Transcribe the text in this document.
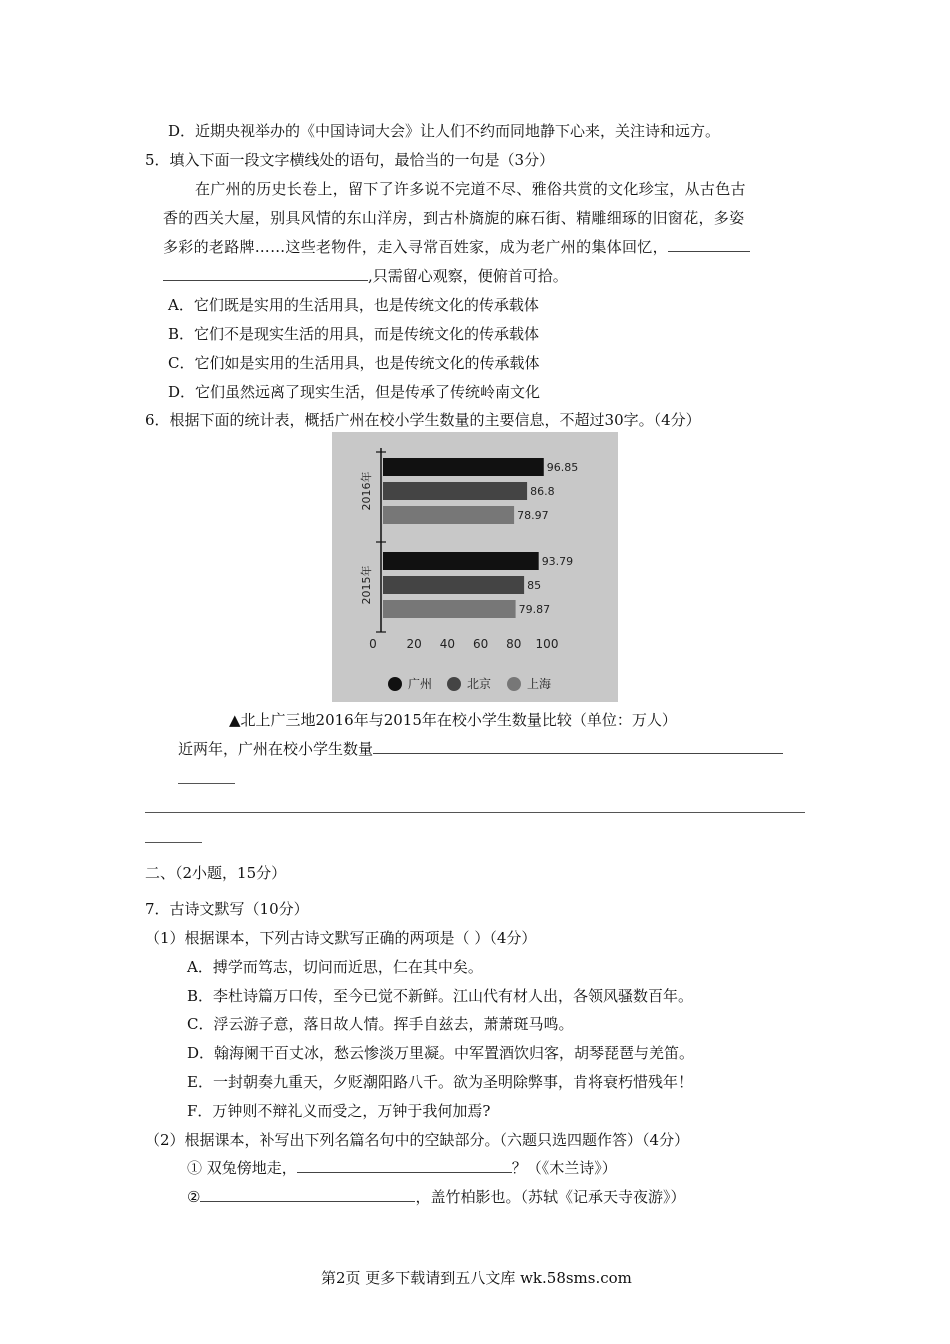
D．近期央视举办的《中国诗词大会》让人们不约而同地静下心来，关注诗和远方。
5．填入下面一段文字横线处的语句，最恰当的一句是（3分）
在广州的历史长卷上，留下了许多说不完道不尽、雅俗共赏的文化珍宝，从古色古
香的西关大屋，别具风情的东山洋房，到古朴旖旎的麻石街、精雕细琢的旧窗花，多姿
多彩的老路牌……这些老物件，走入寻常百姓家，成为老广州的集体回忆，
,只需留心观察，便俯首可拾。
A．它们既是实用的生活用具，也是传统文化的传承载体
B．它们不是现实生活的用具，而是传统文化的传承载体
C．它们如是实用的生活用具，也是传统文化的传承载体
D．它们虽然远离了现实生活，但是传承了传统岭南文化
6．根据下面的统计表，概括广州在校小学生数量的主要信息，不超过30字。（4分）
96.85
86.8
78.97
2016年
93.79
85
79.87
2015年
0 20 40 60 80 100
广州	北京	上海
▲北上广三地2016年与2015年在校小学生数量比较（单位：万人）
近两年，广州在校小学生数量
二、（2小题，15分）
7．古诗文默写（10分）
（1）根据课本，下列古诗文默写正确的两项是（ ）（4分）
A．搏学而笃志，切问而近思，仁在其中矣。
B．李杜诗篇万口传，至今已觉不新鲜。江山代有材人出，各领风骚数百年。
C．浮云游子意，落日故人情。挥手自兹去，萧萧斑马鸣。
D．翰海阑干百丈冰，愁云惨淡万里凝。中军置酒饮归客，胡琴琵琶与羌笛。
E．一封朝奏九重天，夕贬潮阳路八千。欲为圣明除弊事，肯将衰朽惜残年！
F．万钟则不辩礼义而受之，万钟于我何加焉?
（2）根据课本，补写出下列名篇名句中的空缺部分。（六题只选四题作答）（4分）
① 双兔傍地走，	？（《木兰诗》）
②	，盖竹柏影也。（苏轼《记承天寺夜游》）
第2页 更多下载请到五八文库 wk.58sms.com
